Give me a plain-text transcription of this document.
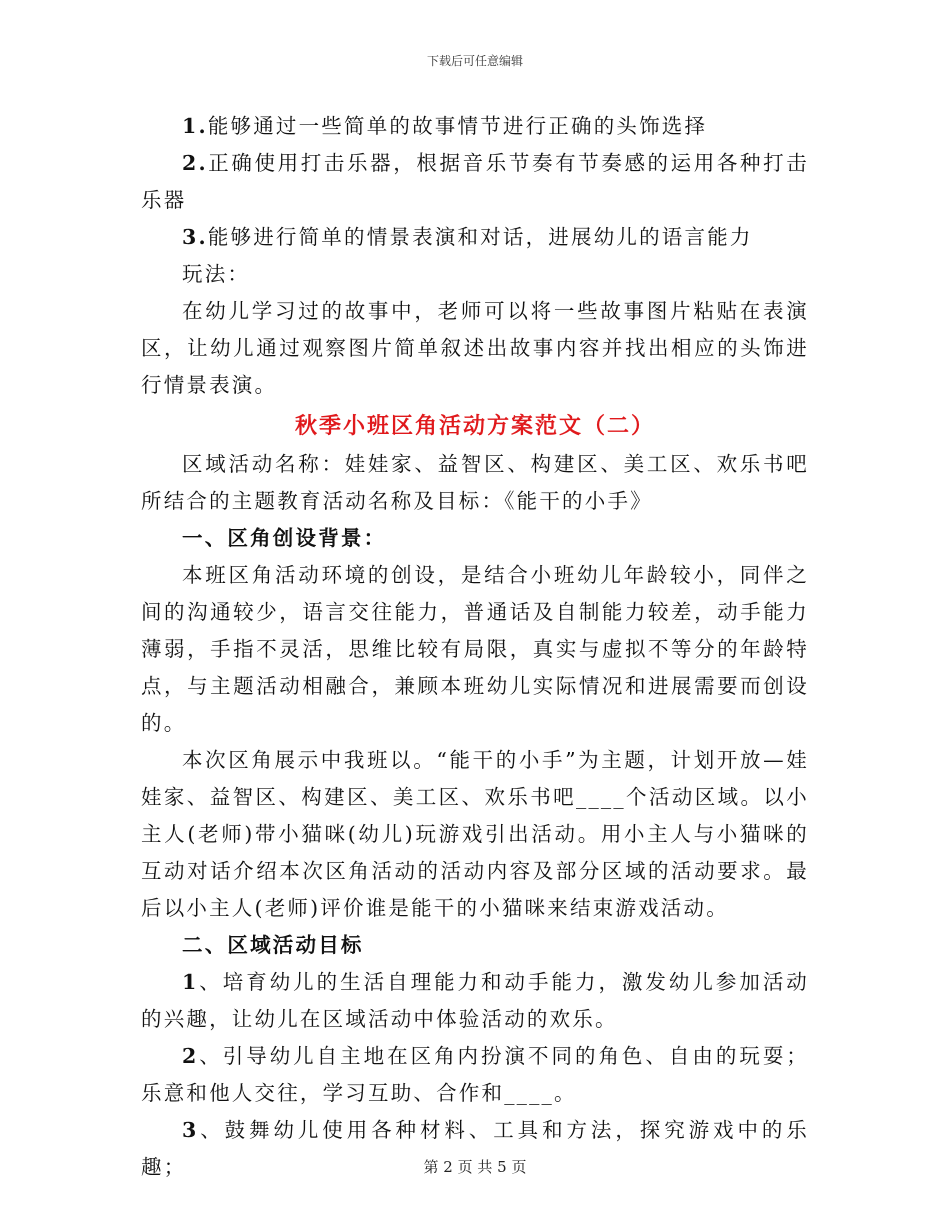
下载后可任意编辑

1.能够通过一些简单的故事情节进行正确的头饰选择

2.正确使用打击乐器，根据音乐节奏有节奏感的运用各种打击乐器

3.能够进行简单的情景表演和对话，进展幼儿的语言能力

玩法：

在幼儿学习过的故事中，老师可以将一些故事图片粘贴在表演区，让幼儿通过观察图片简单叙述出故事内容并找出相应的头饰进行情景表演。

秋季小班区角活动方案范文（二）

区域活动名称：娃娃家、益智区、构建区、美工区、欢乐书吧所结合的主题教育活动名称及目标：《能干的小手》

一、区角创设背景：

本班区角活动环境的创设，是结合小班幼儿年龄较小，同伴之间的沟通较少，语言交往能力，普通话及自制能力较差，动手能力薄弱，手指不灵活，思维比较有局限，真实与虚拟不等分的年龄特点，与主题活动相融合，兼顾本班幼儿实际情况和进展需要而创设的。

本次区角展示中我班以。“能干的小手”为主题，计划开放—娃娃家、益智区、构建区、美工区、欢乐书吧____个活动区域。以小主人(老师)带小猫咪(幼儿)玩游戏引出活动。用小主人与小猫咪的互动对话介绍本次区角活动的活动内容及部分区域的活动要求。最后以小主人(老师)评价谁是能干的小猫咪来结束游戏活动。

二、区域活动目标

1、培育幼儿的生活自理能力和动手能力，激发幼儿参加活动的兴趣，让幼儿在区域活动中体验活动的欢乐。

2、引导幼儿自主地在区角内扮演不同的角色、自由的玩耍；乐意和他人交往，学习互助、合作和____。

3、鼓舞幼儿使用各种材料、工具和方法，探究游戏中的乐趣；	第 2 页 共 5 页
